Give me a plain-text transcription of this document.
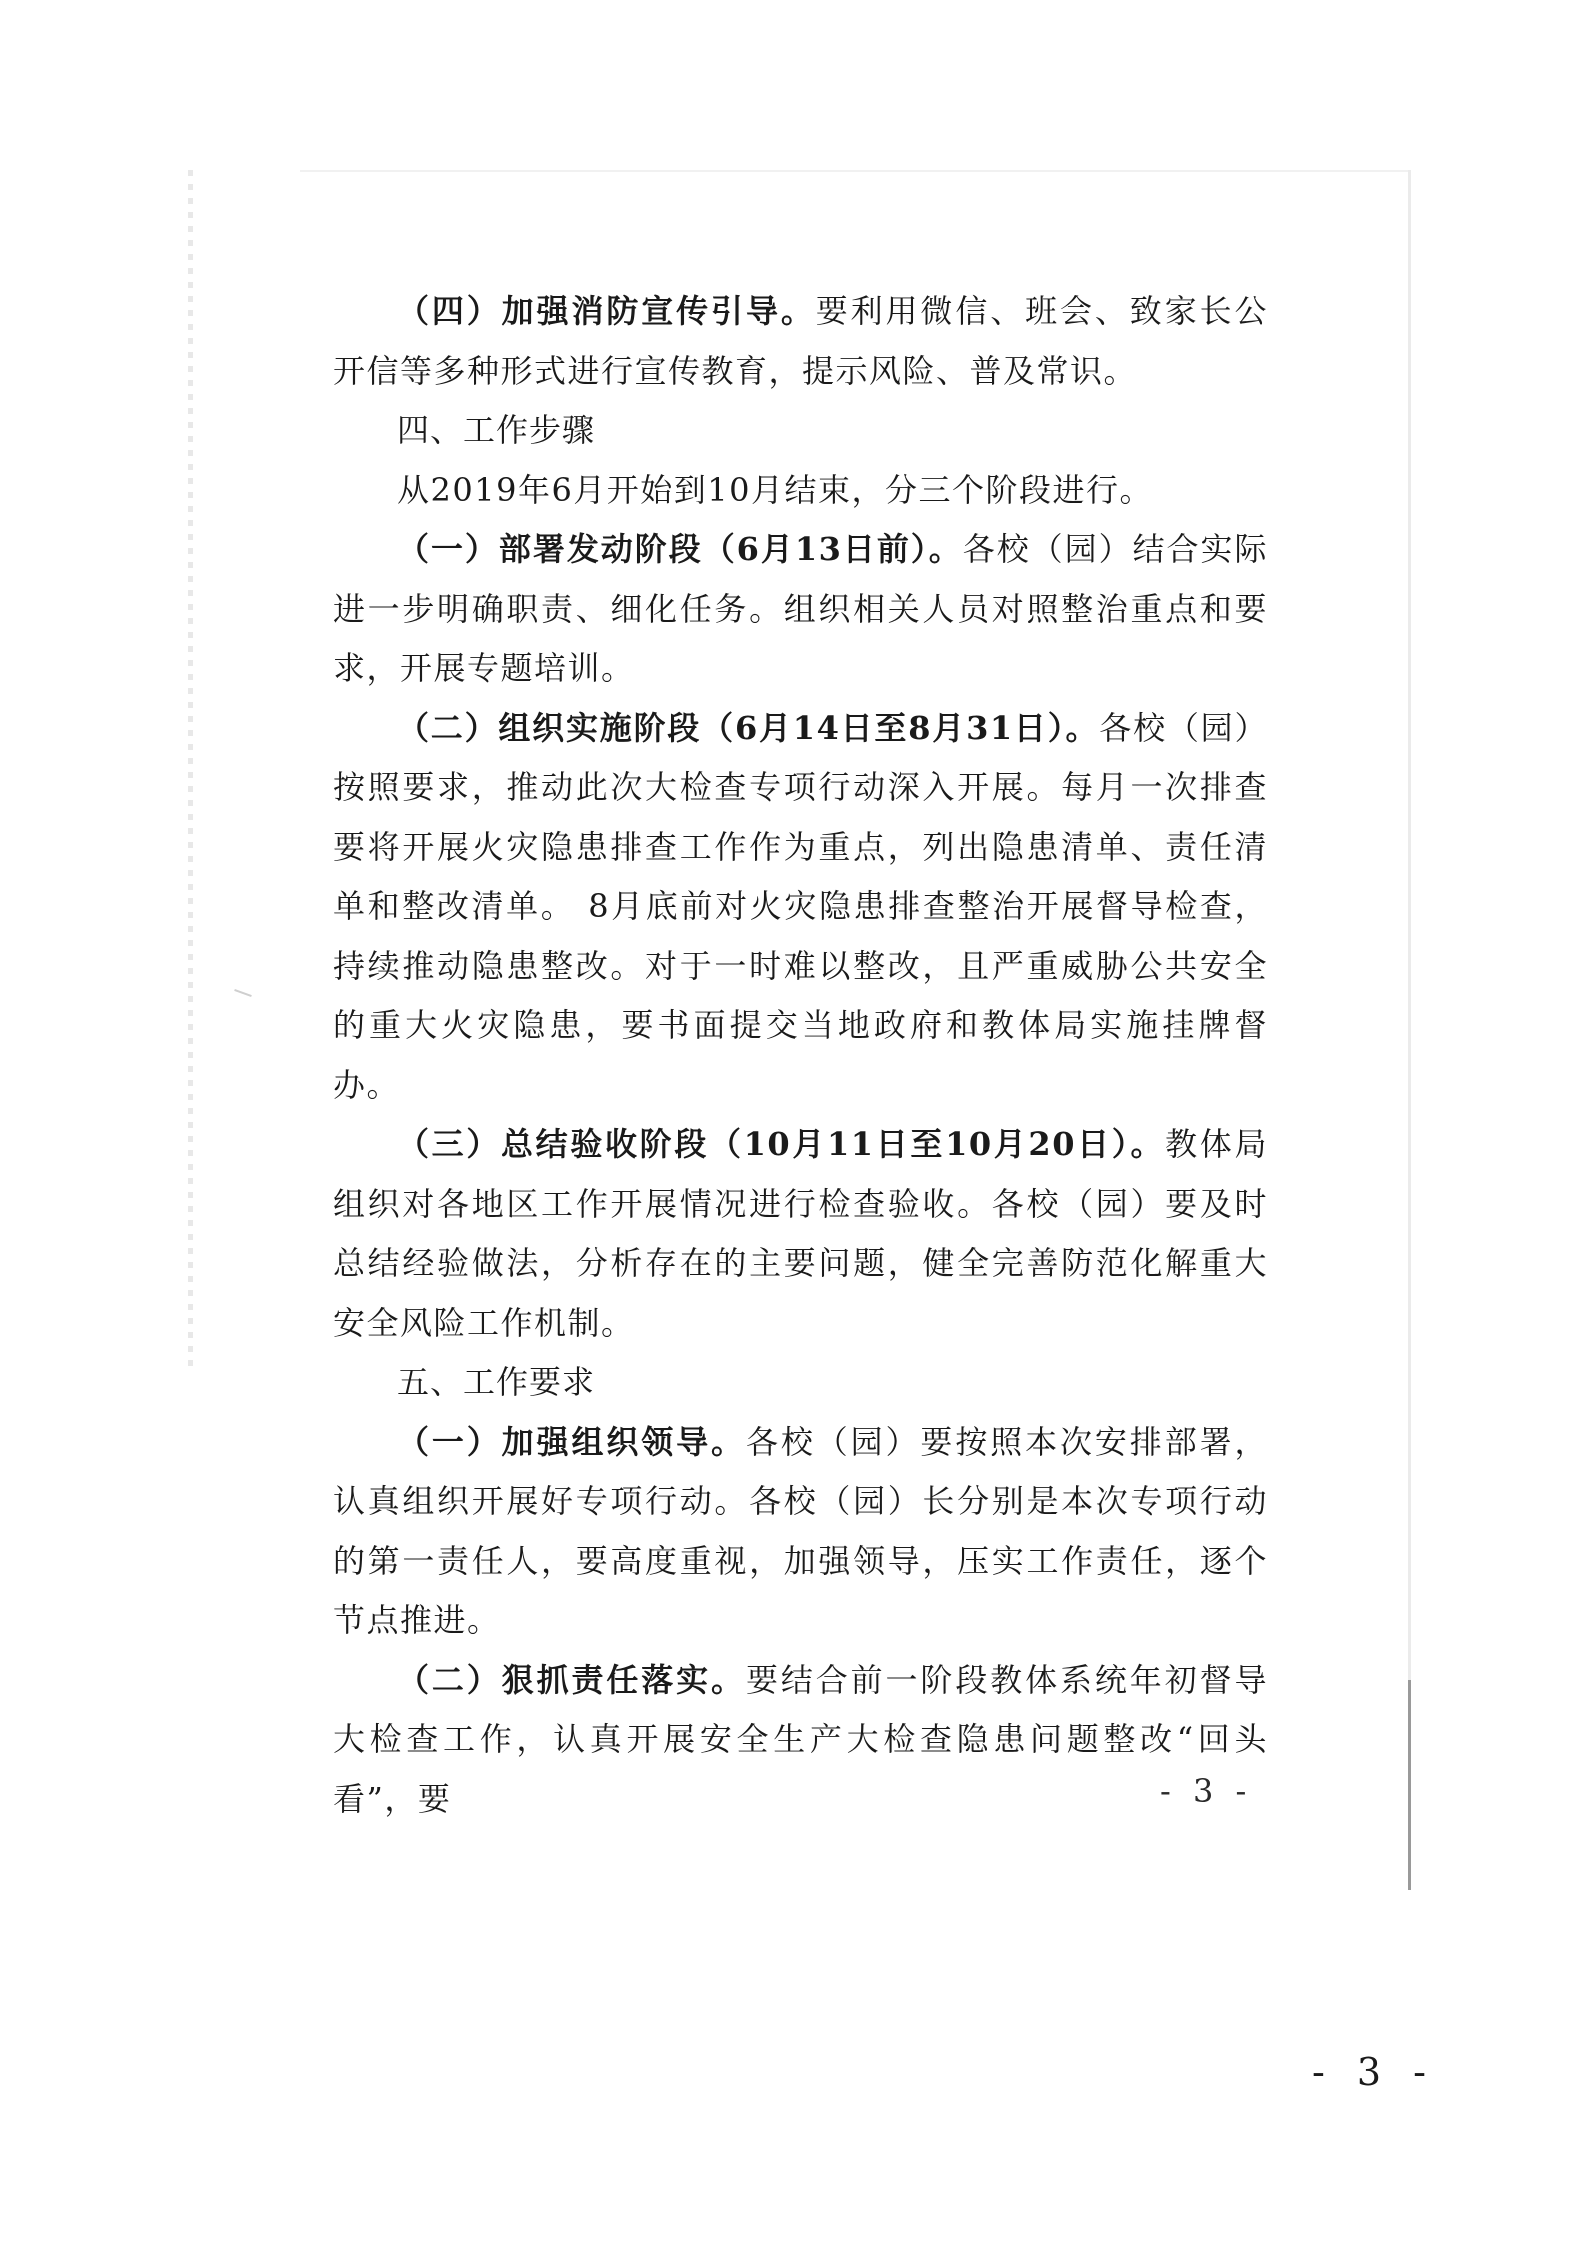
（四）加强消防宣传引导。要利用微信、班会、致家长公开信等多种形式进行宣传教育，提示风险、普及常识。

四、工作步骤

从2019年6月开始到10月结束，分三个阶段进行。

（一）部署发动阶段（6月13日前）。各校（园）结合实际进一步明确职责、细化任务。组织相关人员对照整治重点和要求，开展专题培训。

（二）组织实施阶段（6月14日至8月31日）。各校（园）按照要求，推动此次大检查专项行动深入开展。每月一次排查要将开展火灾隐患排查工作作为重点，列出隐患清单、责任清单和整改清单。 8月底前对火灾隐患排查整治开展督导检查，持续推动隐患整改。对于一时难以整改，且严重威胁公共安全的重大火灾隐患，要书面提交当地政府和教体局实施挂牌督办。

（三）总结验收阶段（10月11日至10月20日）。教体局组织对各地区工作开展情况进行检查验收。各校（园）要及时总结经验做法，分析存在的主要问题，健全完善防范化解重大安全风险工作机制。

五、工作要求

（一）加强组织领导。各校（园）要按照本次安排部署，认真组织开展好专项行动。各校（园）长分别是本次专项行动的第一责任人，要高度重视，加强领导，压实工作责任，逐个节点推进。

（二）狠抓责任落实。要结合前一阶段教体系统年初督导大检查工作，认真开展安全生产大检查隐患问题整改“回头看”，要	- 3 -
- 3 -
